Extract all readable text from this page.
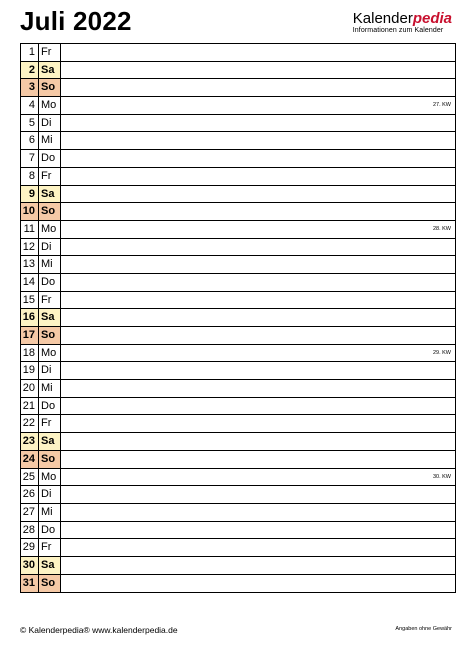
Juli 2022	Kalenderpedia
Informationen zum Kalender
1 Fr
2 Sa
3 So
4 Mo	27. KW
5 Di
6 Mi
7 Do
8 Fr
9 Sa
10 So
11 Mo	28. KW
12 Di
13 Mi
14 Do
15 Fr
16 Sa
17 So
18 Mo	29. KW
19 Di
20 Mi
21 Do
22 Fr
23 Sa
24 So
25 Mo	30. KW
26 Di
27 Mi
28 Do
29 Fr
30 Sa
31 So
© Kalenderpedia® www.kalenderpedia.de	Angaben ohne Gewähr
